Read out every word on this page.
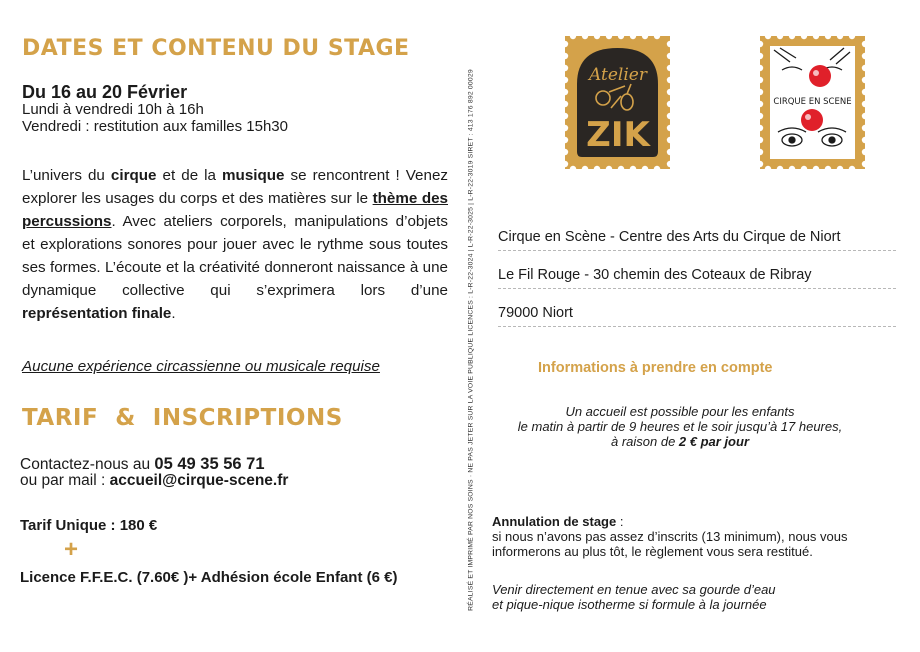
DATES ET CONTENU DU STAGE
Du 16 au 20 Février
Lundi à vendredi 10h à 16h
Vendredi : restitution aux familles 15h30
L’univers du cirque et de la musique se rencontrent ! Venez explorer les usages du corps et des matières sur le thème des percussions. Avec ateliers corporels, manipulations d’objets et explorations sonores pour jouer avec le rythme sous toutes ses formes. L’écoute et la créativité donneront naissance à une dynamique collective qui s’exprimera lors d’une représentation finale.
Aucune expérience circassienne ou musicale requise
TARIF  &  INSCRIPTIONS
Contactez-nous au 05 49 35 56 71
ou par mail : accueil@cirque-scene.fr
Tarif Unique : 180 €
+
Licence F.F.E.C. (7.60€ )+ Adhésion école Enfant (6 €)	RÉALISÉ ET IMPRIMÉ PAR NOS SOINS · NE PAS JETER SUR LA VOIE PUBLIQUE LICENCES : L-R-22-3024 | L-R-22-3025 | L-R-22-3019 SIRET : 413 176 892 00029	Atelier
ZIK
CIRQUE EN SCENE
Cirque en Scène - Centre des Arts du Cirque de Niort
Le Fil Rouge - 30 chemin des Coteaux de Ribray
79000 Niort
Informations à prendre en compte
Un accueil est possible pour les enfants
le matin à partir de 9 heures et le soir jusqu’à 17 heures,
à raison de 2 € par jour
Annulation de stage :
si nous n’avons pas assez d’inscrits (13 minimum), nous vous informerons au plus tôt, le règlement vous sera restitué.
Venir directement en tenue avec sa gourde d’eau
et pique-nique isotherme si formule à la journée
